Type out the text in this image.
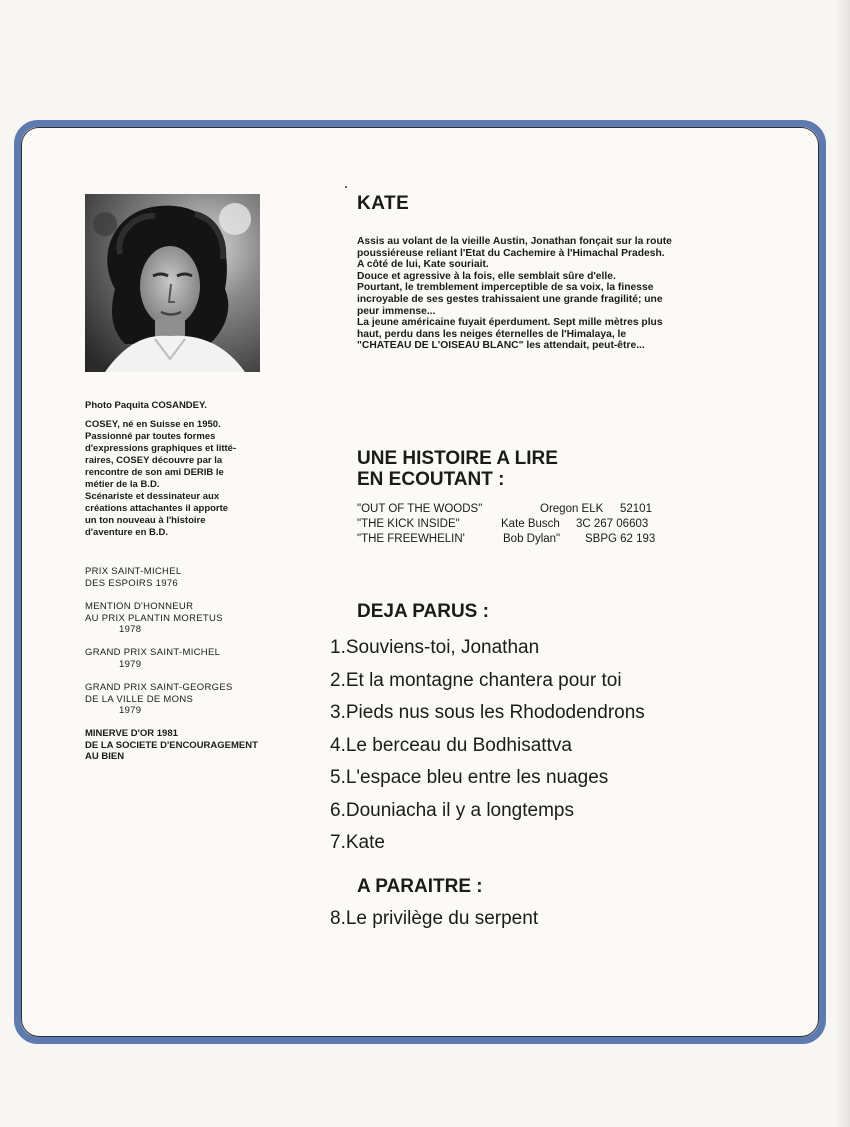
Photo Paquita COSANDEY.
COSEY, né en Suisse en 1950.
Passionné par toutes formes
d'expressions graphiques et litté-
raires, COSEY découvre par la
rencontre de son ami DERIB le
métier de la B.D.
Scénariste et dessinateur aux
créations attachantes il apporte
un ton nouveau à l'histoire
d'aventure en B.D.
PRIX SAINT-MICHEL
DES ESPOIRS 1976
MENTION D'HONNEUR
AU PRIX PLANTIN MORETUS
1978
GRAND PRIX SAINT-MICHEL
1979
GRAND PRIX SAINT-GEORGES
DE LA VILLE DE MONS
1979
MINERVE D'OR 1981
DE LA SOCIETE D'ENCOURAGEMENT
AU BIEN
KATE
Assis au volant de la vieille Austin, Jonathan fonçait sur la route
poussiéreuse reliant l'Etat du Cachemire à l'Himachal Pradesh.
A côté de lui, Kate souriait.
Douce et agressive à la fois, elle semblait sûre d'elle.
Pourtant, le tremblement imperceptible de sa voix, la finesse
incroyable de ses gestes trahissaient une grande fragilité; une
peur immense...
La jeune américaine fuyait éperdument. Sept mille mètres plus
haut, perdu dans les neiges éternelles de l'Himalaya, le
"CHATEAU DE L'OISEAU BLANC" les attendait, peut-être...
UNE HISTOIRE A LIRE
EN ECOUTANT :
"OUT OF THE WOODS"	Oregon ELK 52101
"THE KICK INSIDE"	Kate Busch 3C 267 06603
"THE FREEWHELIN'	Bob Dylan" SBPG 62 193
DEJA PARUS :
1.Souviens-toi, Jonathan
2.Et la montagne chantera pour toi
3.Pieds nus sous les Rhododendrons
4.Le berceau du Bodhisattva
5.L'espace bleu entre les nuages
6.Douniacha il y a longtemps
7.Kate
A PARAITRE :
8.Le privilège du serpent
